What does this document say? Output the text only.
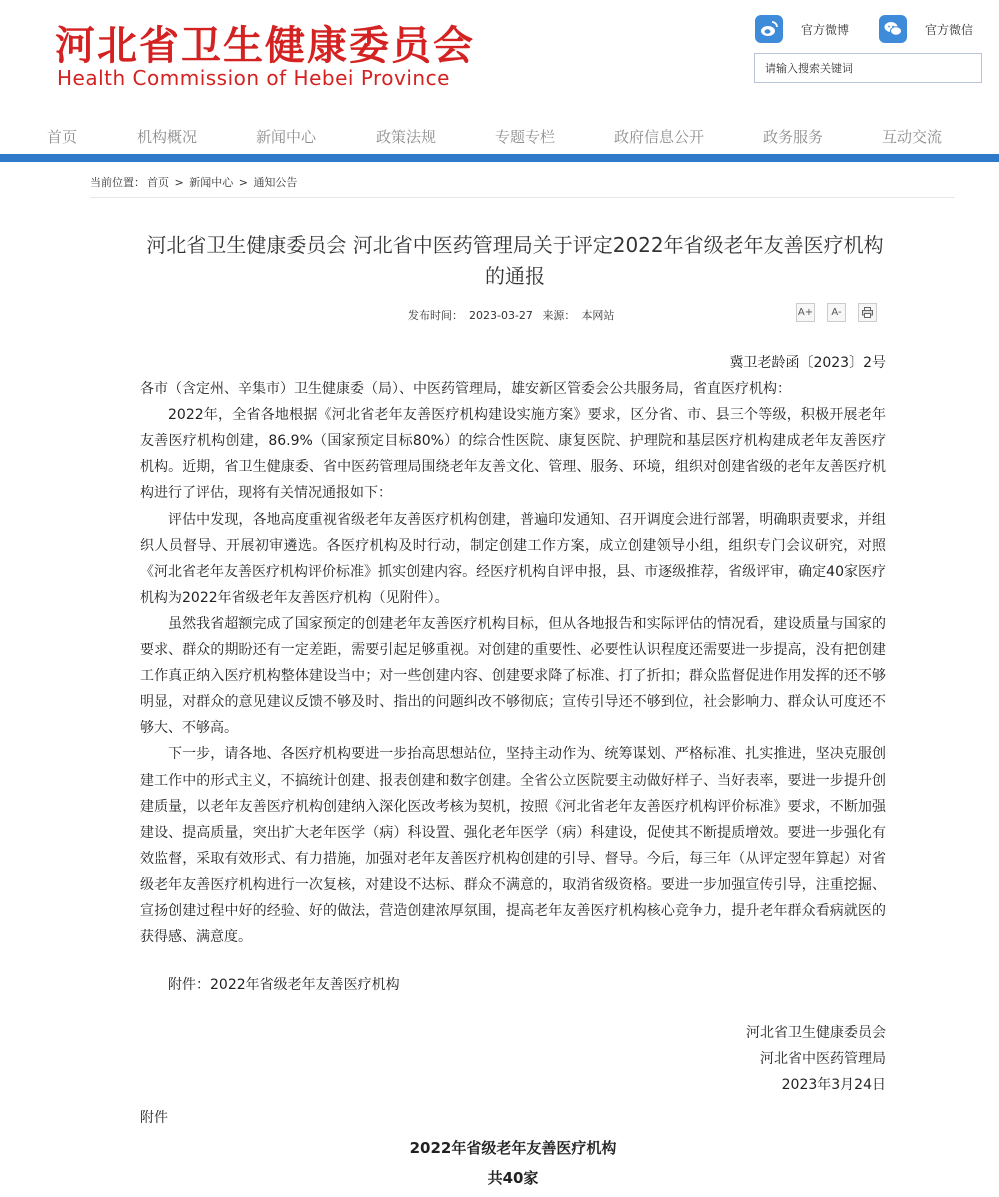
河北省卫生健康委员会
Health Commission of Hebei Province
官方微博	官方微信
请输入搜索关键词
首页	机构概况	新闻中心	政策法规	专题专栏	政府信息公开	政务服务	互动交流
当前位置： 首页 > 新闻中心 > 通知公告
河北省卫生健康委员会 河北省中医药管理局关于评定2022年省级老年友善医疗机构的通报
发布时间： 2023-03-27 来源： 本网站	A+ A-
冀卫老龄函〔2023〕2号
各市（含定州、辛集市）卫生健康委（局）、中医药管理局，雄安新区管委会公共服务局，省直医疗机构：
2022年，全省各地根据《河北省老年友善医疗机构建设实施方案》要求，区分省、市、县三个等级，积极开展老年友善医疗机构创建，86.9%（国家预定目标80%）的综合性医院、康复医院、护理院和基层医疗机构建成老年友善医疗机构。近期，省卫生健康委、省中医药管理局围绕老年友善文化、管理、服务、环境，组织对创建省级的老年友善医疗机构进行了评估，现将有关情况通报如下：
评估中发现，各地高度重视省级老年友善医疗机构创建，普遍印发通知、召开调度会进行部署，明确职责要求，并组织人员督导、开展初审遴选。各医疗机构及时行动，制定创建工作方案，成立创建领导小组，组织专门会议研究，对照《河北省老年友善医疗机构评价标准》抓实创建内容。经医疗机构自评申报，县、市逐级推荐，省级评审，确定40家医疗机构为2022年省级老年友善医疗机构（见附件）。
虽然我省超额完成了国家预定的创建老年友善医疗机构目标，但从各地报告和实际评估的情况看，建设质量与国家的要求、群众的期盼还有一定差距，需要引起足够重视。对创建的重要性、必要性认识程度还需要进一步提高，没有把创建工作真正纳入医疗机构整体建设当中；对一些创建内容、创建要求降了标准、打了折扣；群众监督促进作用发挥的还不够明显，对群众的意见建议反馈不够及时、指出的问题纠改不够彻底；宣传引导还不够到位，社会影响力、群众认可度还不够大、不够高。
下一步，请各地、各医疗机构要进一步抬高思想站位，坚持主动作为、统筹谋划、严格标准、扎实推进，坚决克服创建工作中的形式主义，不搞统计创建、报表创建和数字创建。全省公立医院要主动做好样子、当好表率，要进一步提升创建质量，以老年友善医疗机构创建纳入深化医改考核为契机，按照《河北省老年友善医疗机构评价标准》要求，不断加强建设、提高质量，突出扩大老年医学（病）科设置、强化老年医学（病）科建设，促使其不断提质增效。要进一步强化有效监督，采取有效形式、有力措施，加强对老年友善医疗机构创建的引导、督导。今后，每三年（从评定翌年算起）对省级老年友善医疗机构进行一次复核，对建设不达标、群众不满意的，取消省级资格。要进一步加强宣传引导，注重挖掘、宣扬创建过程中好的经验、好的做法，营造创建浓厚氛围，提高老年友善医疗机构核心竞争力，提升老年群众看病就医的获得感、满意度。
附件：2022年省级老年友善医疗机构
河北省卫生健康委员会
河北省中医药管理局
2023年3月24日
附件
2022年省级老年友善医疗机构
共40家
